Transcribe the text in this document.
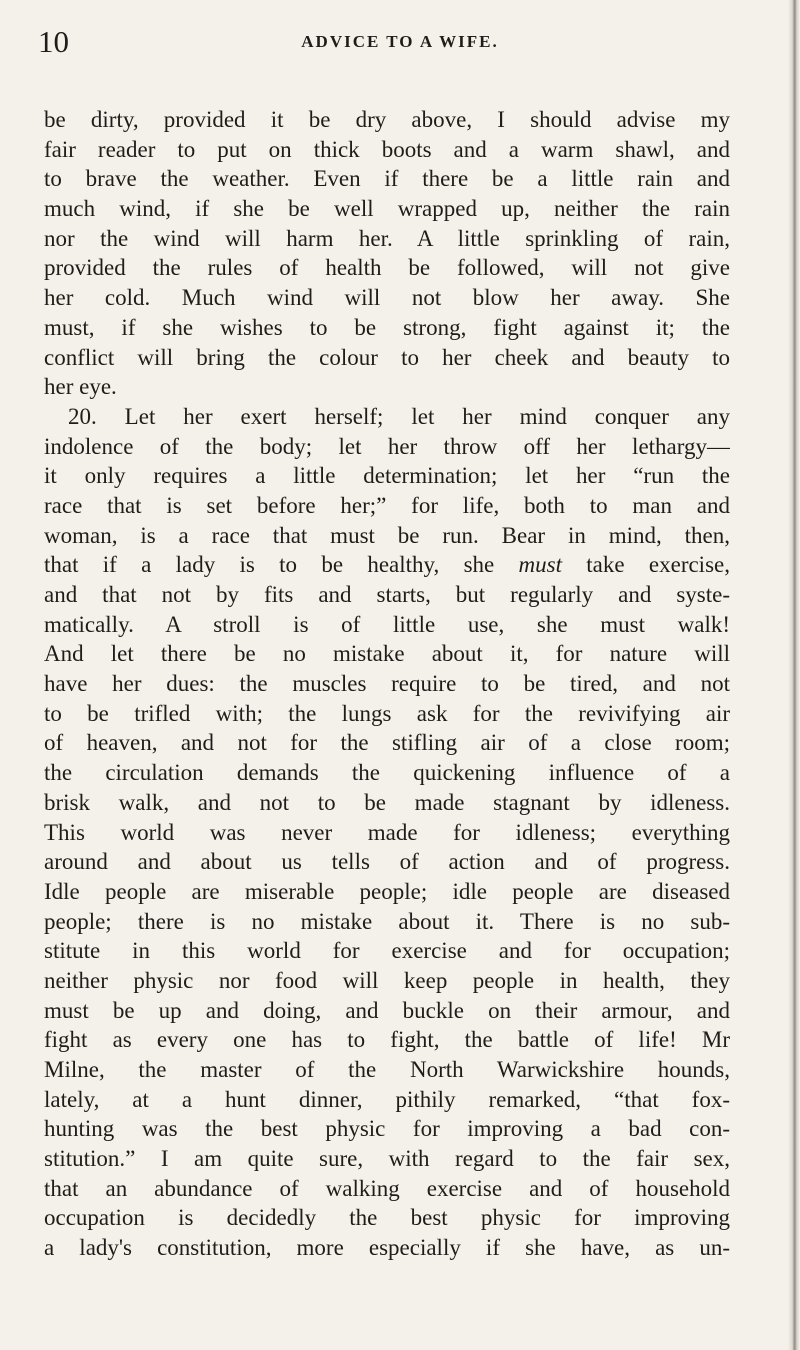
10	ADVICE TO A WIFE.
be dirty, provided it be dry above, I should advise my
fair reader to put on thick boots and a warm shawl, and
to brave the weather. Even if there be a little rain and
much wind, if she be well wrapped up, neither the rain
nor the wind will harm her. A little sprinkling of rain,
provided the rules of health be followed, will not give
her cold. Much wind will not blow her away. She
must, if she wishes to be strong, fight against it; the
conflict will bring the colour to her cheek and beauty to
her eye.
20. Let her exert herself; let her mind conquer any
indolence of the body; let her throw off her lethargy—
it only requires a little determination; let her “run the
race that is set before her;” for life, both to man and
woman, is a race that must be run. Bear in mind, then,
that if a lady is to be healthy, she must take exercise,
and that not by fits and starts, but regularly and syste-
matically. A stroll is of little use, she must walk!
And let there be no mistake about it, for nature will
have her dues: the muscles require to be tired, and not
to be trifled with; the lungs ask for the revivifying air
of heaven, and not for the stifling air of a close room;
the circulation demands the quickening influence of a
brisk walk, and not to be made stagnant by idleness.
This world was never made for idleness; everything
around and about us tells of action and of progress.
Idle people are miserable people; idle people are diseased
people; there is no mistake about it. There is no sub-
stitute in this world for exercise and for occupation;
neither physic nor food will keep people in health, they
must be up and doing, and buckle on their armour, and
fight as every one has to fight, the battle of life! Mr
Milne, the master of the North Warwickshire hounds,
lately, at a hunt dinner, pithily remarked, “that fox-
hunting was the best physic for improving a bad con-
stitution.” I am quite sure, with regard to the fair sex,
that an abundance of walking exercise and of household
occupation is decidedly the best physic for improving
a lady's constitution, more especially if she have, as un-
